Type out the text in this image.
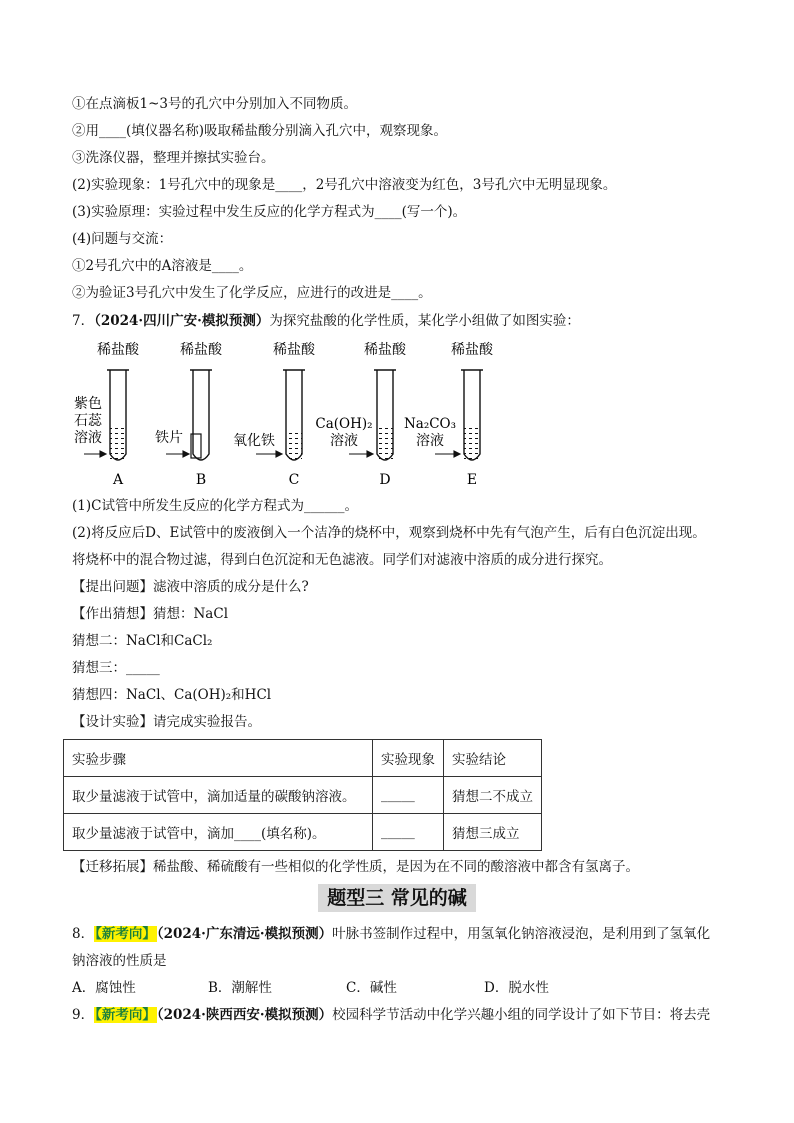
①在点滴板1~3号的孔穴中分别加入不同物质。
②用____(填仪器名称)吸取稀盐酸分别滴入孔穴中，观察现象。
③洗涤仪器，整理并擦拭实验台。
(2)实验现象：1号孔穴中的现象是____，2号孔穴中溶液变为红色，3号孔穴中无明显现象。
(3)实验原理：实验过程中发生反应的化学方程式为____(写一个)。
(4)问题与交流：
①2号孔穴中的A溶液是____。
②为验证3号孔穴中发生了化学反应，应进行的改进是____。
7．（2024·四川广安·模拟预测）为探究盐酸的化学性质，某化学小组做了如图实验：
稀盐酸	稀盐酸	稀盐酸	稀盐酸	稀盐酸
紫色
石蕊
溶液	铁片	氧化铁
Ca(OH)₂
溶液
Na₂CO₃
溶液
A	B	C	D	E
(1)C试管中所发生反应的化学方程式为______。
(2)将反应后D、E试管中的废液倒入一个洁净的烧杯中，观察到烧杯中先有气泡产生，后有白色沉淀出现。
将烧杯中的混合物过滤，得到白色沉淀和无色滤液。同学们对滤液中溶质的成分进行探究。
【提出问题】滤液中溶质的成分是什么?
【作出猜想】猜想：NaCl
猜想二：NaCl和CaCl₂
猜想三：_____
猜想四：NaCl、Ca(OH)₂和HCl
【设计实验】请完成实验报告。
实验步骤	实验现象	实验结论
取少量滤液于试管中，滴加适量的碳酸钠溶液。	_____	猜想二不成立
取少量滤液于试管中，滴加____(填名称)。	_____	猜想三成立
【迁移拓展】稀盐酸、稀硫酸有一些相似的化学性质，是因为在不同的酸溶液中都含有氢离子。
题型三 常见的碱
8．【新考向】（2024·广东清远·模拟预测）叶脉书签制作过程中，用氢氧化钠溶液浸泡，是利用到了氢氧化
钠溶液的性质是
A．腐蚀性	B．潮解性	C．碱性	D．脱水性
9．【新考向】（2024·陕西西安·模拟预测）校园科学节活动中化学兴趣小组的同学设计了如下节目：将去壳
